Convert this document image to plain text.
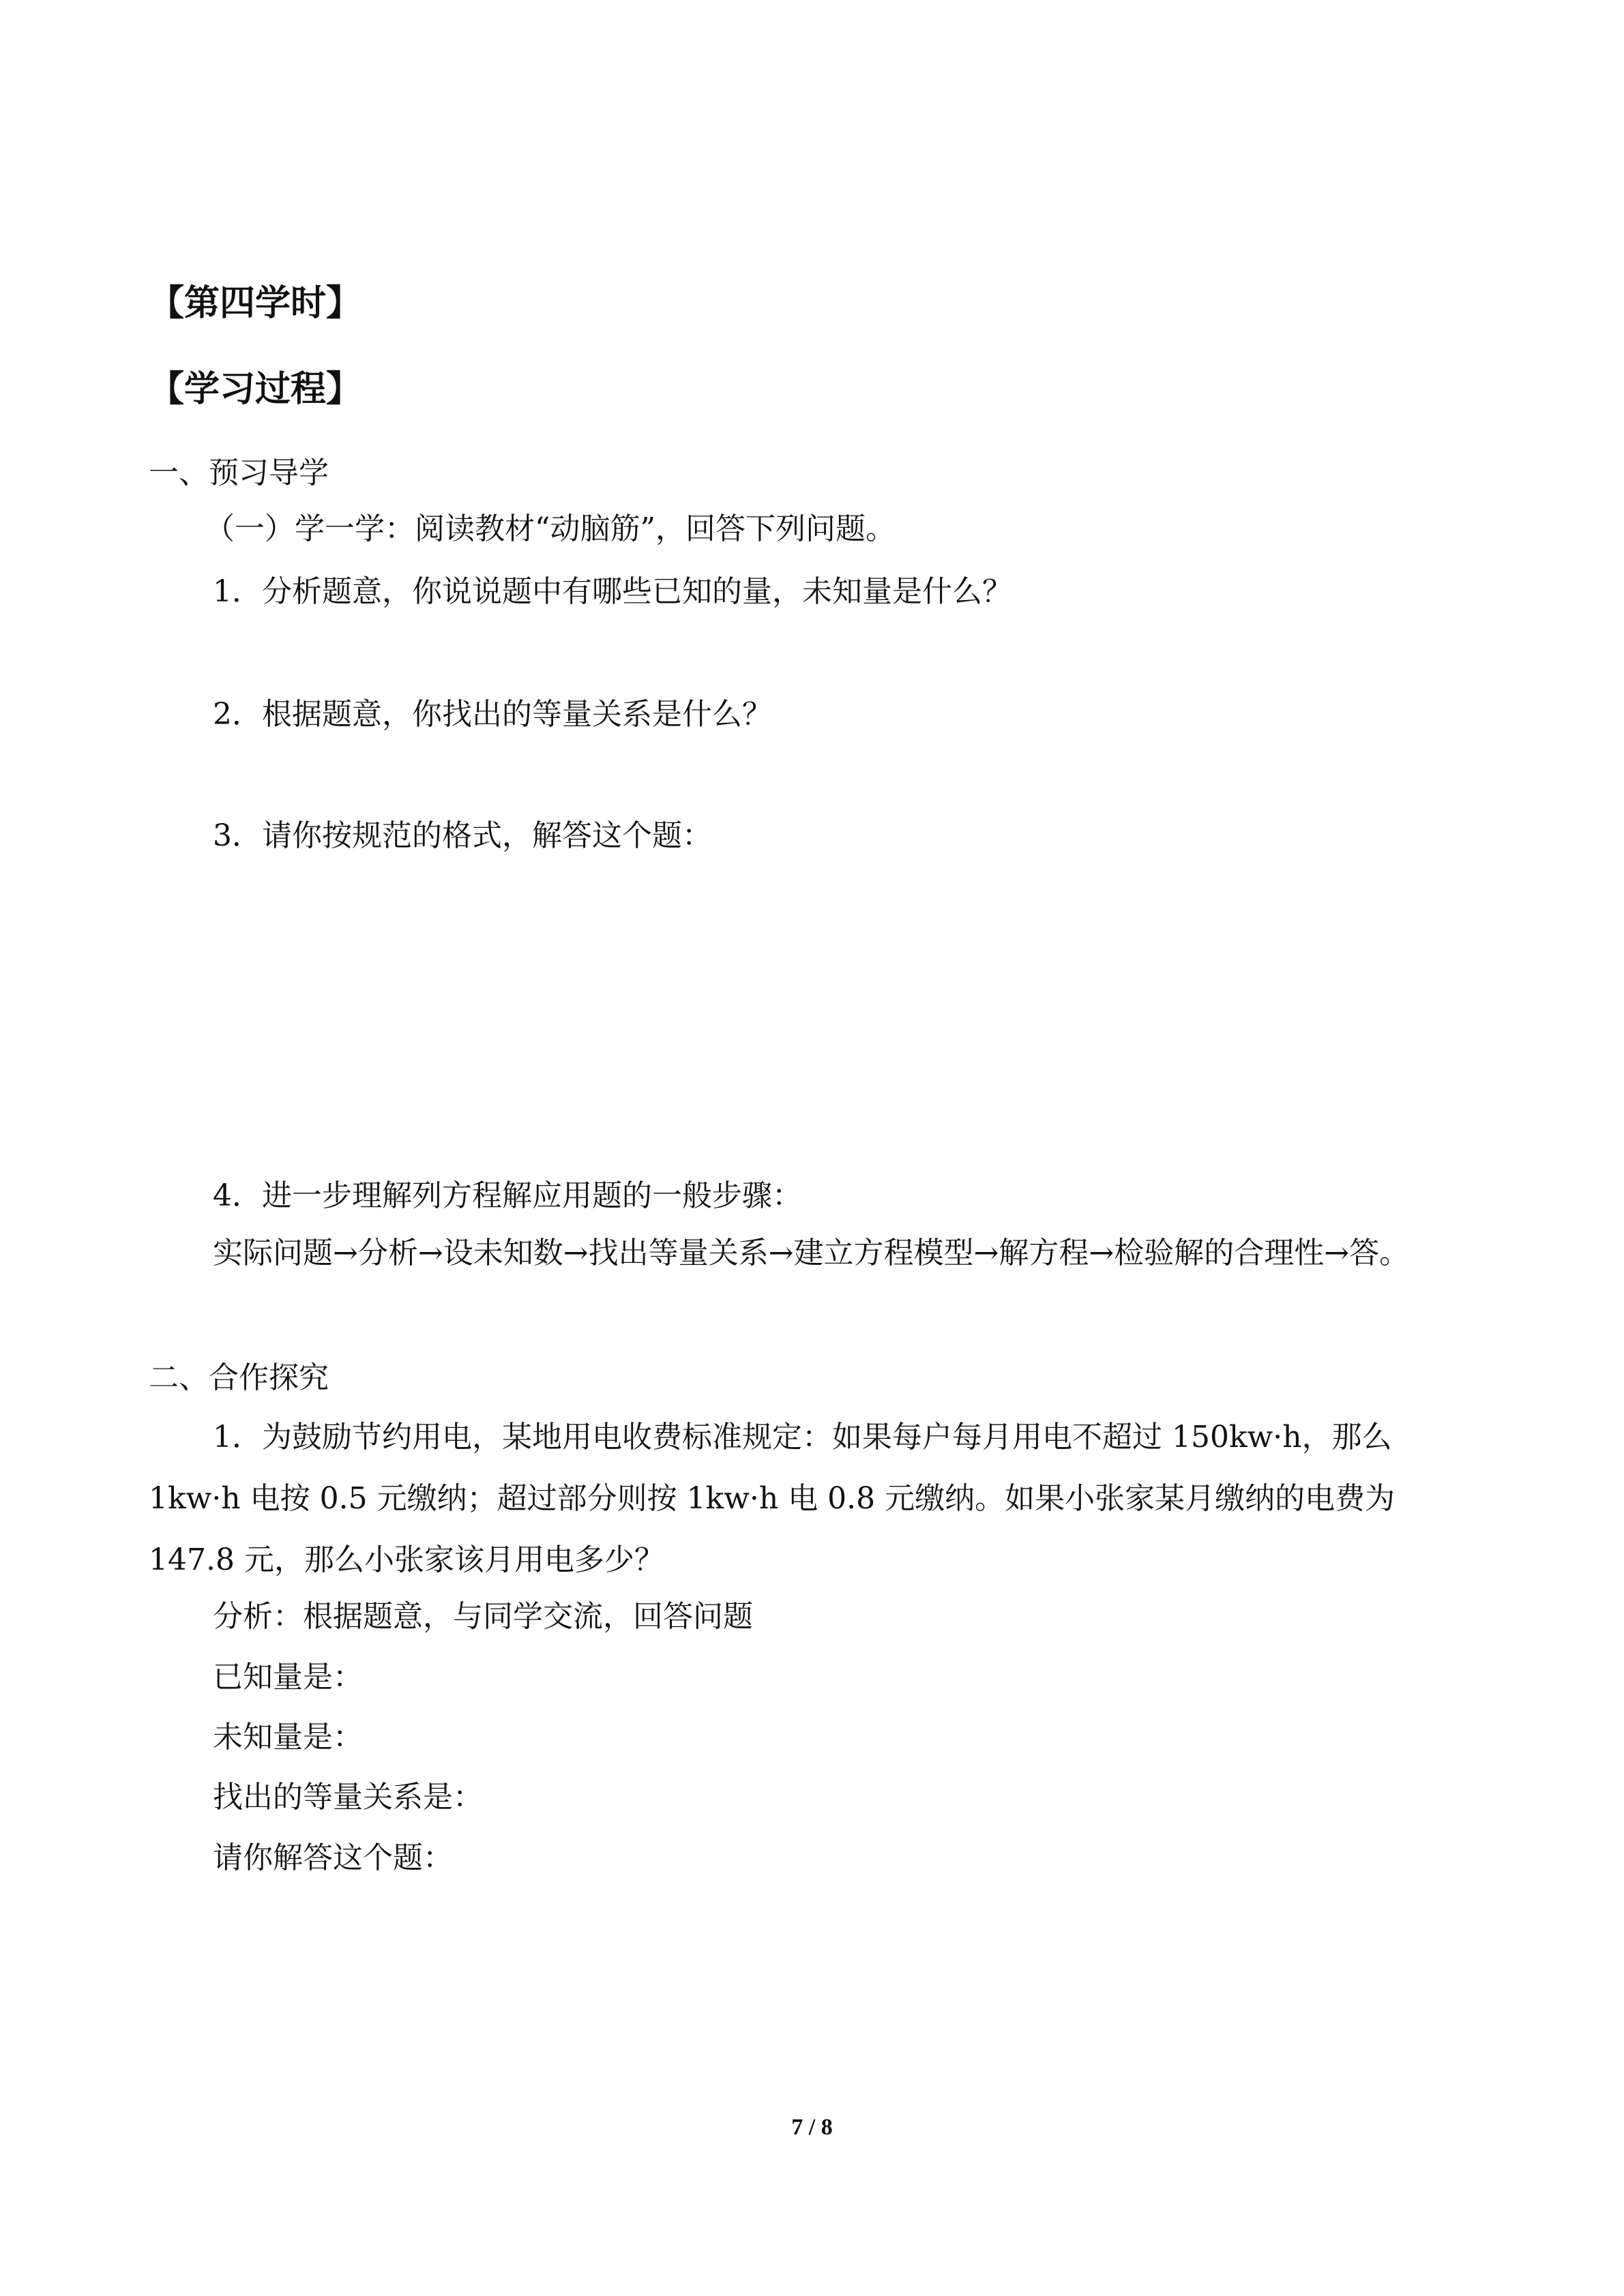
【第四学时】
【学习过程】
一、预习导学
（一）学一学：阅读教材“动脑筋”，回答下列问题。
1．分析题意，你说说题中有哪些已知的量，未知量是什么？
2．根据题意，你找出的等量关系是什么？
3．请你按规范的格式，解答这个题：
4．进一步理解列方程解应用题的一般步骤：
实际问题→分析→设未知数→找出等量关系→建立方程模型→解方程→检验解的合理性→答。
二、合作探究
1．为鼓励节约用电，某地用电收费标准规定：如果每户每月用电不超过 150kw·h，那么 1kw·h 电按 0.5 元缴纳；超过部分则按 1kw·h 电 0.8 元缴纳。如果小张家某月缴纳的电费为 147.8 元，那么小张家该月用电多少？
分析：根据题意，与同学交流，回答问题
已知量是：
未知量是：
找出的等量关系是：
请你解答这个题：
7 / 8
